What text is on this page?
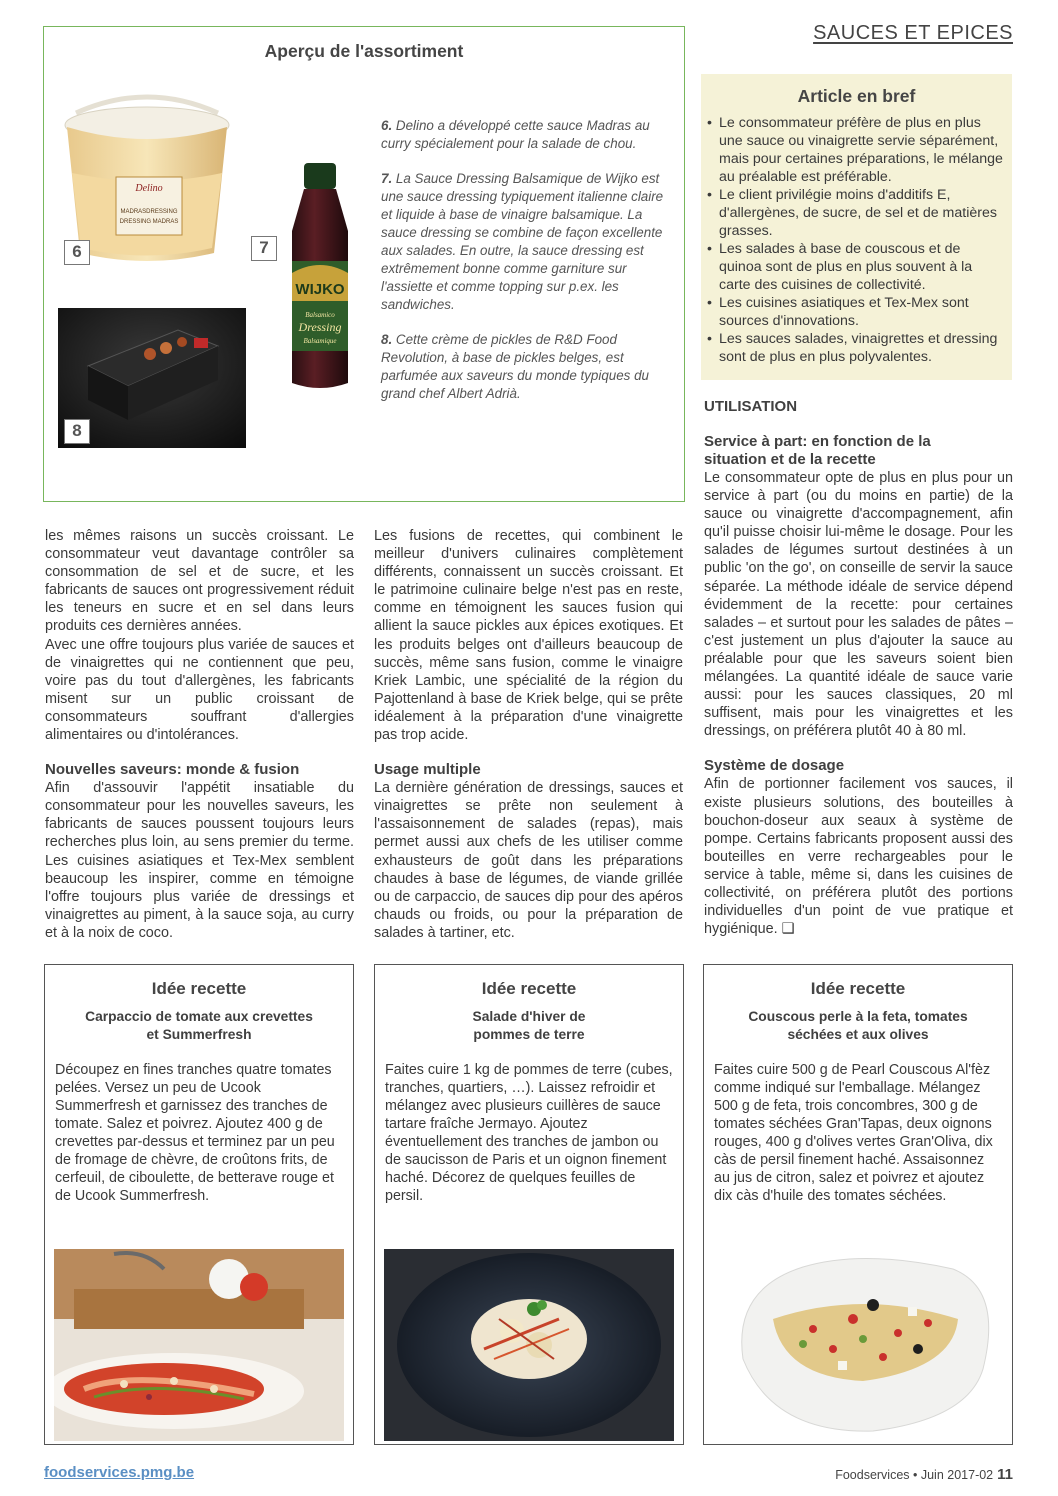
SAUCES ET EPICES
Aperçu de l'assortiment
Delino
MADRASDRESSING
DRESSING MADRAS
6
WIJKO
Balsamico
Dressing
Balsamique
7
8

6. Delino a développé cette sauce Madras au curry spécialement pour la salade de chou.

7. La Sauce Dressing Balsamique de Wijko est une sauce dressing typiquement italienne claire et liquide à base de vinaigre balsamique. La sauce dressing se combine de façon excellente aux salades. En outre, la sauce dressing est extrêmement bonne comme garniture sur l'assiette et comme topping sur p.ex. les sandwiches.

8. Cette crème de pickles de R&D Food Revolution, à base de pickles belges, est parfumée aux saveurs du monde typiques du grand chef Albert Adrià.

Article en bref
• Le consommateur préfère de plus en plus une sauce ou vinaigrette servie séparément, mais pour certaines préparations, le mélange au préalable est préférable.
• Le client privilégie moins d'additifs E, d'allergènes, de sucre, de sel et de matières grasses.
• Les salades à base de couscous et de quinoa sont de plus en plus souvent à la carte des cuisines de collectivité.
• Les cuisines asiatiques et Tex-Mex sont sources d'innovations.
• Les sauces salades, vinaigrettes et dressing sont de plus en plus polyvalentes.

les mêmes raisons un succès croissant. Le consommateur veut davantage contrôler sa consommation de sel et de sucre, et les fabricants de sauces ont progressivement réduit les teneurs en sucre et en sel dans leurs produits ces dernières années.

Avec une offre toujours plus variée de sauces et de vinaigrettes qui ne contiennent que peu, voire pas du tout d'allergènes, les fabricants misent sur un public croissant de consommateurs souffrant d'allergies alimentaires ou d'intolérances.

Nouvelles saveurs: monde & fusion

Afin d'assouvir l'appétit insatiable du consommateur pour les nouvelles saveurs, les fabricants de sauces poussent toujours leurs recherches plus loin, au sens premier du terme. Les cuisines asiatiques et Tex-Mex semblent beaucoup les inspirer, comme en témoigne l'offre toujours plus variée de dressings et vinaigrettes au piment, à la sauce soja, au curry et à la noix de coco.

Les fusions de recettes, qui combinent le meilleur d'univers culinaires complètement différents, connaissent un succès croissant. Et le patrimoine culinaire belge n'est pas en reste, comme en témoignent les sauces fusion qui allient la sauce pickles aux épices exotiques. Et les produits belges ont d'ailleurs beaucoup de succès, même sans fusion, comme le vinaigre Kriek Lambic, une spécialité de la région du Pajottenland à base de Kriek belge, qui se prête idéalement à la préparation d'une vinaigrette pas trop acide.

Usage multiple

La dernière génération de dressings, sauces et vinaigrettes se prête non seulement à l'assaisonnement de salades (repas), mais permet aussi aux chefs de les utiliser comme exhausteurs de goût dans les préparations chaudes à base de légumes, de viande grillée ou de carpaccio, de sauces dip pour des apéros chauds ou froids, ou pour la préparation de salades à tartiner, etc.

UTILISATION
Service à part: en fonction de la situation et de la recette

Le consommateur opte de plus en plus pour un service à part (ou du moins en partie) de la sauce ou vinaigrette d'accompagnement, afin qu'il puisse choisir lui-même le dosage. Pour les salades de légumes surtout destinées à un public 'on the go', on conseille de servir la sauce séparée. La méthode idéale de service dépend évidemment de la recette: pour certaines salades – et surtout pour les salades de pâtes – c'est justement un plus d'ajouter la sauce au préalable pour que les saveurs soient bien mélangées. La quantité idéale de sauce varie aussi: pour les sauces classiques, 20 ml suffisent, mais pour les vinaigrettes et les dressings, on préférera plutôt 40 à 80 ml.

Système de dosage

Afin de portionner facilement vos sauces, il existe plusieurs solutions, des bouteilles à bouchon-doseur aux seaux à système de pompe. Certains fabricants proposent aussi des bouteilles en verre rechargeables pour le service à table, même si, dans les cuisines de collectivité, on préférera plutôt des portions individuelles d'un point de vue pratique et hygiénique. ❑

Idée recette
Carpaccio de tomate aux crevettes et Summerfresh

Découpez en fines tranches quatre tomates pelées. Versez un peu de Ucook Summerfresh et garnissez des tranches de tomate. Salez et poivrez. Ajoutez 400 g de crevettes par-dessus et terminez par un peu de fromage de chèvre, de croûtons frits, de cerfeuil, de ciboulette, de betterave rouge et de Ucook Summerfresh.

Idée recette
Salade d'hiver de pommes de terre

Faites cuire 1 kg de pommes de terre (cubes, tranches, quartiers, …). Laissez refroidir et mélangez avec plusieurs cuillères de sauce tartare fraîche Jermayo. Ajoutez éventuellement des tranches de jambon ou de saucisson de Paris et un oignon finement haché. Décorez de quelques feuilles de persil.

Idée recette
Couscous perle à la feta, tomates séchées et aux olives

Faites cuire 500 g de Pearl Couscous Al'fèz comme indiqué sur l'emballage. Mélangez 500 g de feta, trois concombres, 300 g de tomates séchées Gran'Tapas, deux oignons rouges, 400 g d'olives vertes Gran'Oliva, dix càs de persil finement haché. Assaisonnez au jus de citron, salez et poivrez et ajoutez dix càs d'huile des tomates séchées.

foodservices.pmg.be	Foodservices • Juin 2017-02 11
